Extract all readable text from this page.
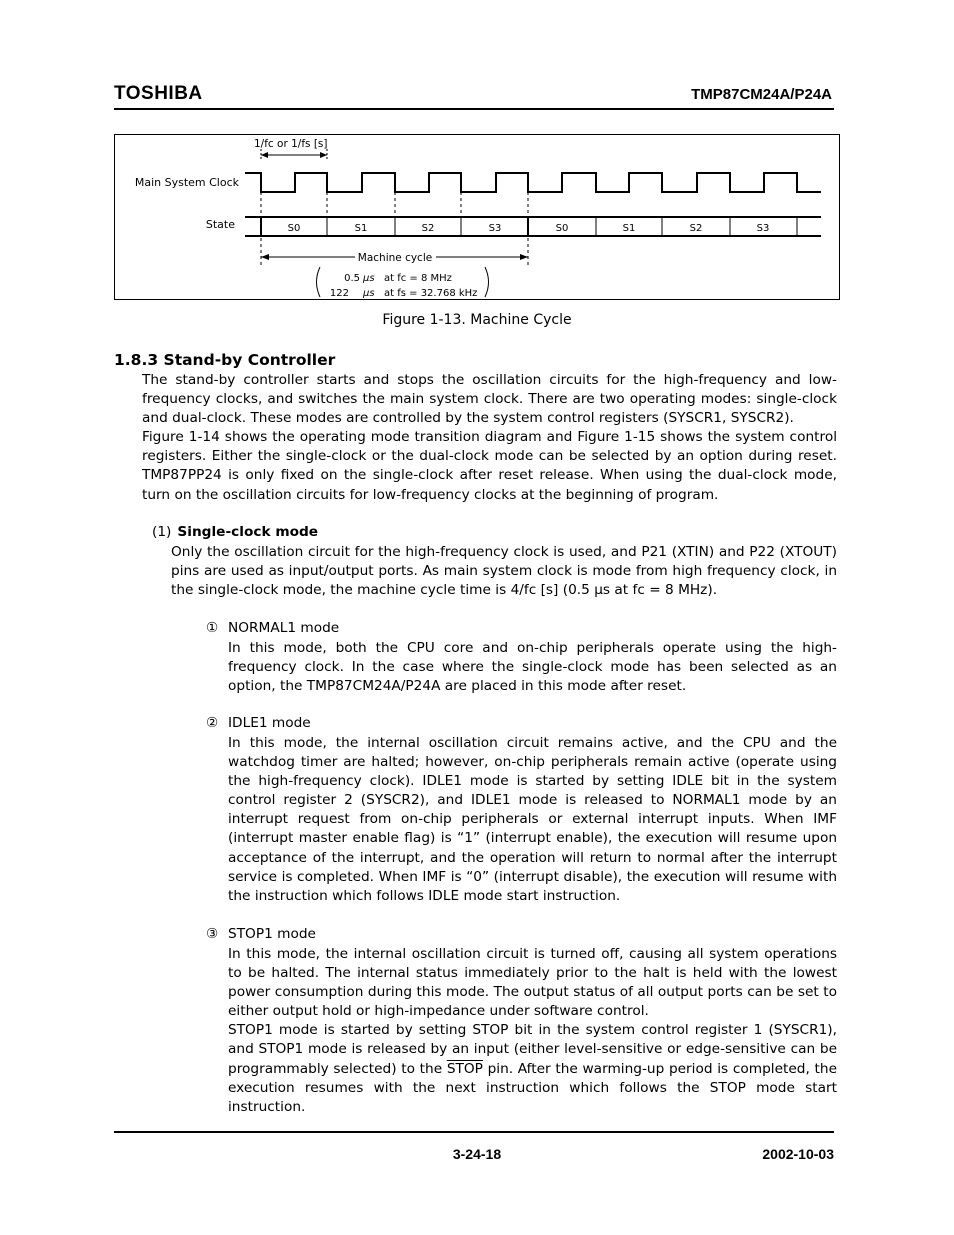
TOSHIBA	TMP87CM24A/P24A
1/fc or 1/fs [s]
Main System Clock
State	S0	S1	S2	S3	S0	S1	S2	S3
Machine cycle
0.5 μs at fc = 8 MHz
122 μs at fs = 32.768 kHz
Figure 1-13. Machine Cycle
1.8.3 Stand-by Controller

The stand-by controller starts and stops the oscillation circuits for the high-frequency and low-frequency clocks, and switches the main system clock. There are two operating modes: single-clock and dual-clock. These modes are controlled by the system control registers (SYSCR1, SYSCR2).

Figure 1-14 shows the operating mode transition diagram and Figure 1-15 shows the system control registers. Either the single-clock or the dual-clock mode can be selected by an option during reset. TMP87PP24 is only fixed on the single-clock after reset release. When using the dual-clock mode, turn on the oscillation circuits for low-frequency clocks at the beginning of program.

(1) Single-clock mode

Only the oscillation circuit for the high-frequency clock is used, and P21 (XTIN) and P22 (XTOUT) pins are used as input/output ports. As main system clock is mode from high frequency clock, in the single-clock mode, the machine cycle time is 4/fc [s] (0.5 μs at fc = 8 MHz).

① NORMAL1 mode

In this mode, both the CPU core and on-chip peripherals operate using the high-frequency clock. In the case where the single-clock mode has been selected as an option, the TMP87CM24A/P24A are placed in this mode after reset.

② IDLE1 mode

In this mode, the internal oscillation circuit remains active, and the CPU and the watchdog timer are halted; however, on-chip peripherals remain active (operate using the high-frequency clock). IDLE1 mode is started by setting IDLE bit in the system control register 2 (SYSCR2), and IDLE1 mode is released to NORMAL1 mode by an interrupt request from on-chip peripherals or external interrupt inputs. When IMF (interrupt master enable flag) is “1” (interrupt enable), the execution will resume upon acceptance of the interrupt, and the operation will return to normal after the interrupt service is completed. When IMF is “0” (interrupt disable), the execution will resume with the instruction which follows IDLE mode start instruction.

③ STOP1 mode

In this mode, the internal oscillation circuit is turned off, causing all system operations to be halted. The internal status immediately prior to the halt is held with the lowest power consumption during this mode. The output status of all output ports can be set to either output hold or high-impedance under software control.

STOP1 mode is started by setting STOP bit in the system control register 1 (SYSCR1), and STOP1 mode is released by an input (either level-sensitive or edge-sensitive can be programmably selected) to the STOP pin. After the warming-up period is completed, the execution resumes with the next instruction which follows the STOP mode start instruction.

3-24-18	2002-10-03
